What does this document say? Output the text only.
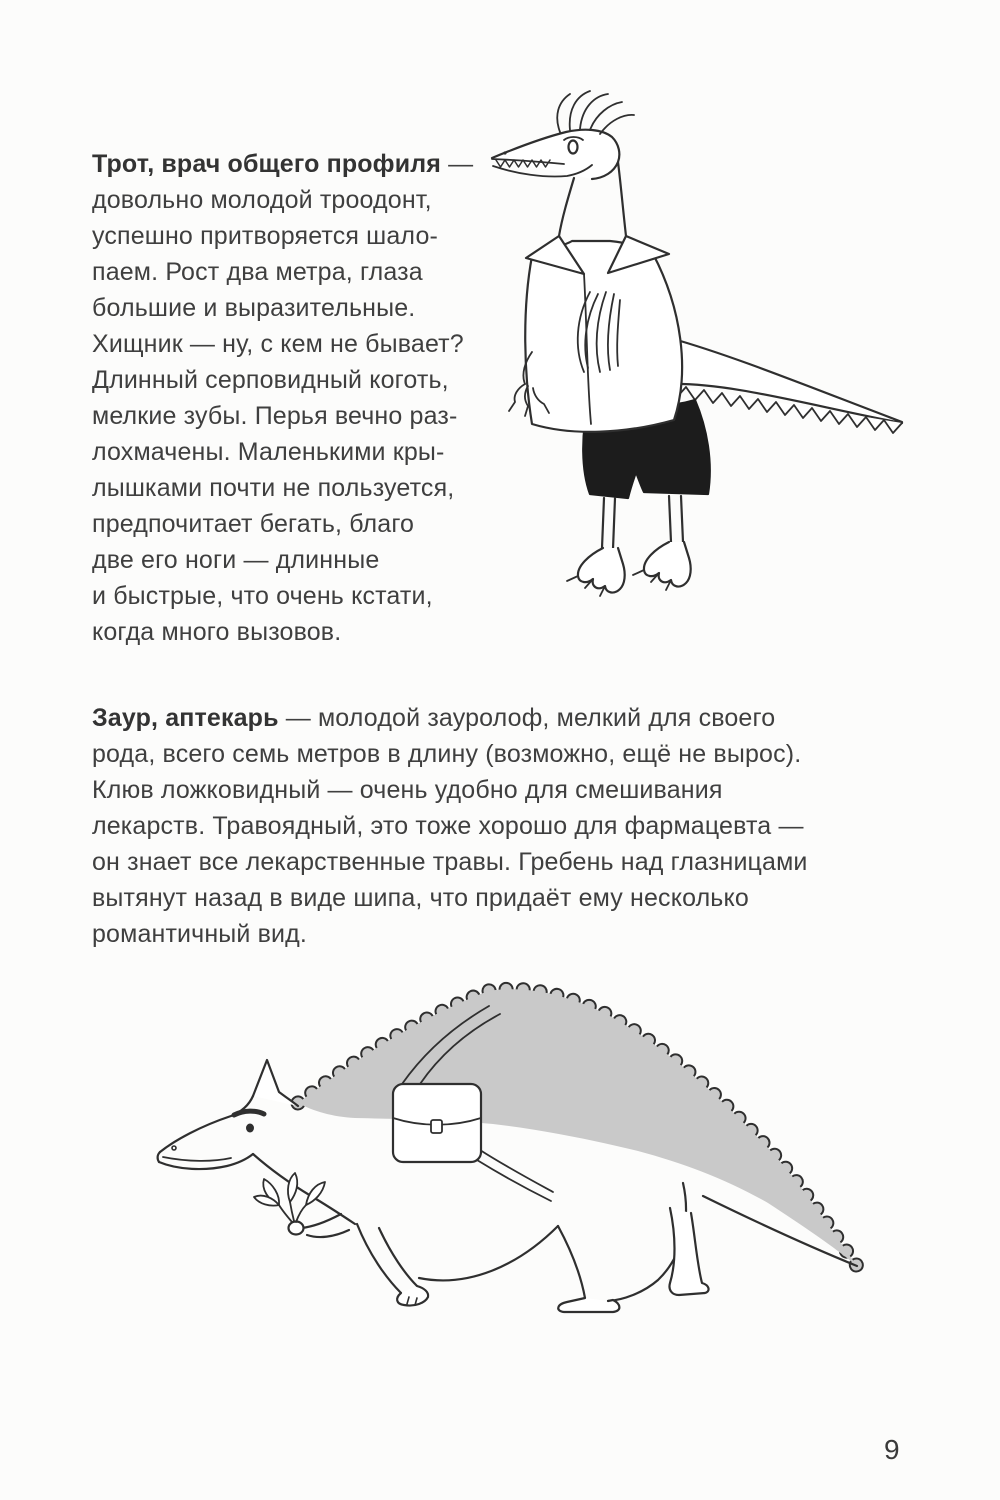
Трот, врач общего профиля —
довольно молодой троодонт,
успешно притворяется шало-
паем. Рост два метра, глаза
большие и выразительные.
Хищник — ну, с кем не бывает?
Длинный серповидный коготь,
мелкие зубы. Перья вечно раз-
лохмачены. Маленькими кры-
лышками почти не пользуется,
предпочитает бегать, благо
две его ноги — длинные
и быстрые, что очень кстати,
когда много вызовов.
Заур, аптекарь — молодой зауролоф, мелкий для своего
рода, всего семь метров в длину (возможно, ещё не вырос).
Клюв ложковидный — очень удобно для смешивания
лекарств. Травоядный, это тоже хорошо для фармацевта —
он знает все лекарственные травы. Гребень над глазницами
вытянут назад в виде шипа, что придаёт ему несколько
романтичный вид.
9
